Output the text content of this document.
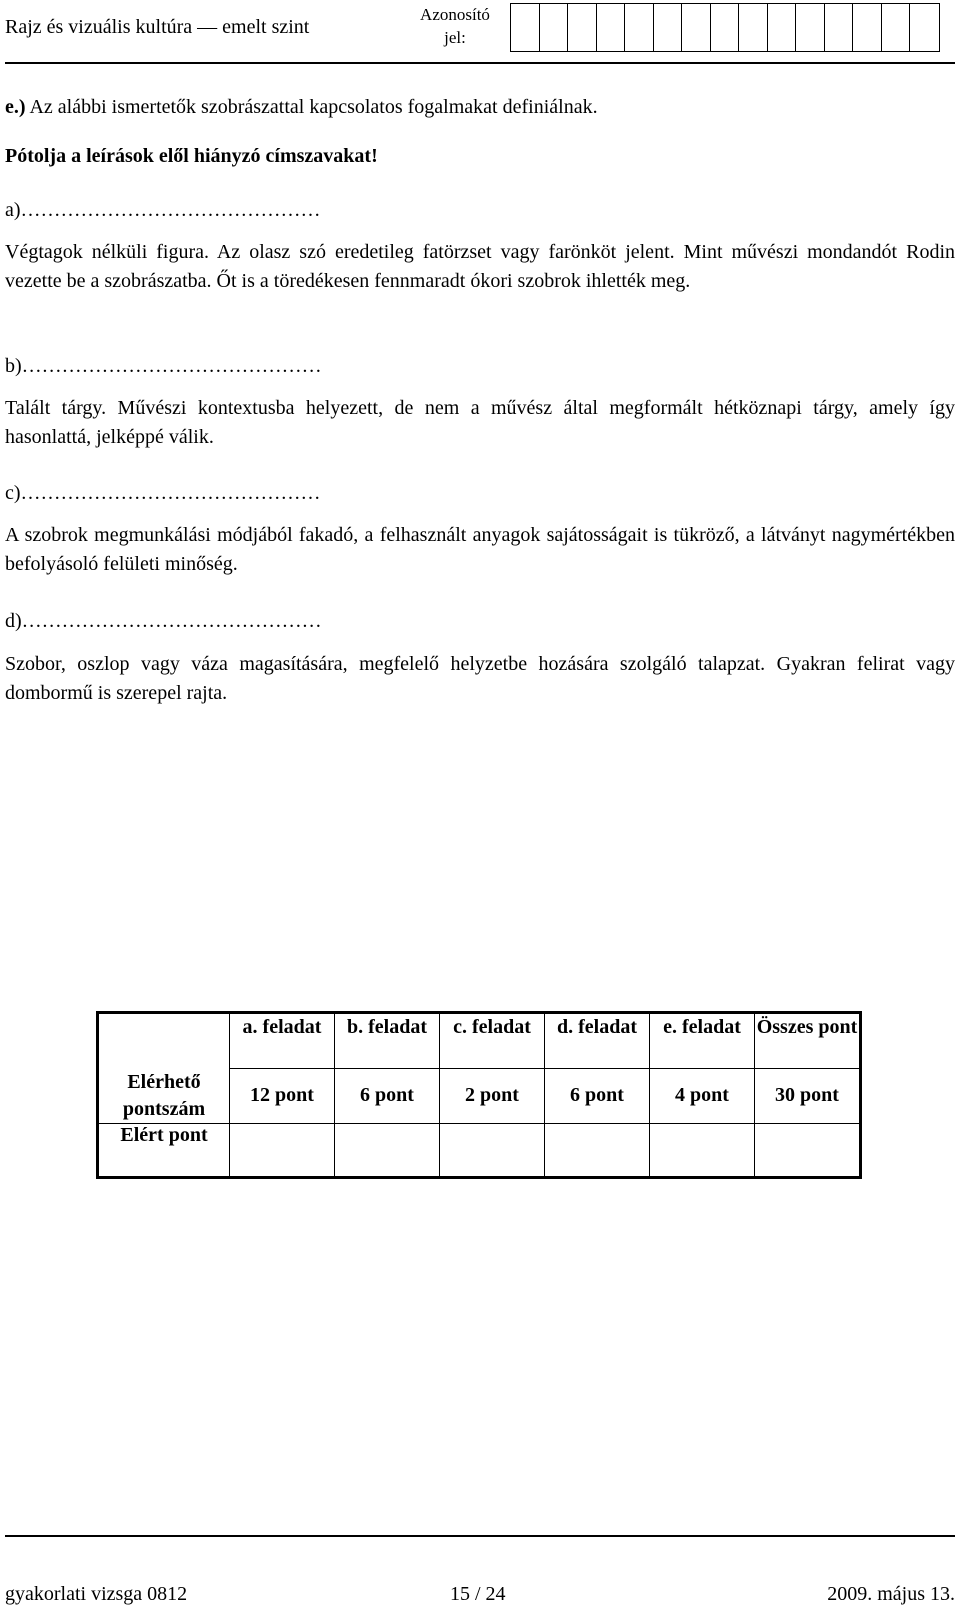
Rajz és vizuális kultúra — emelt szint
Azonosító jel:
e.) Az alábbi ismertetők szobrászattal kapcsolatos fogalmakat definiálnak.
Pótolja a leírások elől hiányzó címszavakat!
a)………………………………………
Végtagok nélküli figura. Az olasz szó eredetileg fatörzset vagy farönköt jelent. Mint művészi mondandót Rodin vezette be a szobrászatba. Őt is a töredékesen fennmaradt ókori szobrok ihlették meg.
b)………………………………………
Talált tárgy. Művészi kontextusba helyezett, de nem a művész által megformált hétköznapi tárgy, amely így hasonlattá, jelképpé válik.
c)………………………………………
A szobrok megmunkálási módjából fakadó, a felhasznált anyagok sajátosságait is tükröző, a látványt nagymértékben befolyásoló felületi minőség.
d)………………………………………
Szobor, oszlop vagy váza magasítására, megfelelő helyzetbe hozására szolgáló talapzat. Gyakran felirat vagy dombormű is szerepel rajta.
	a. feladat	b. feladat	c. feladat	d. feladat	e. feladat	Összes pont
Elérhető pontszám	12 pont	6 pont	2 pont	6 pont	4 pont	30 pont
Elért pont						
gyakorlati vizsga 0812	15 / 24	2009. május 13.
